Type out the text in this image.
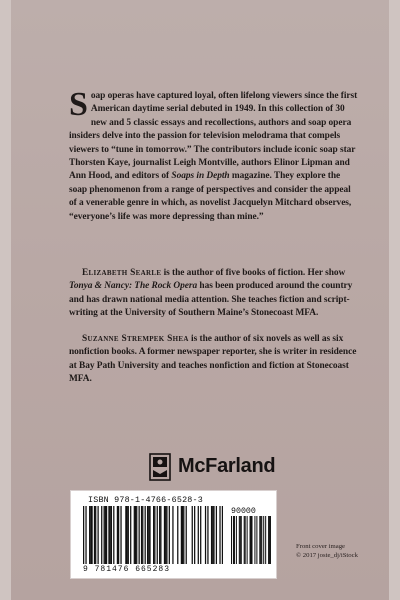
Soap operas have captured loyal, often lifelong viewers since the first American daytime serial debuted in 1949. In this collection of 30 new and 5 classic essays and recollections, authors and soap opera insiders delve into the passion for television melodrama that compels viewers to “tune in tomorrow.” The contributors include iconic soap star Thorsten Kaye, journalist Leigh Montville, authors Elinor Lipman and Ann Hood, and editors of Soaps in Depth magazine. They explore the soap phenomenon from a range of perspectives and consider the appeal of a venerable genre in which, as novelist Jacquelyn Mitchard observes, “everyone’s life was more depressing than mine.”
Elizabeth Searle is the author of five books of fiction. Her show Tonya & Nancy: The Rock Opera has been produced around the country and has drawn national media attention. She teaches fiction and script-writing at the University of Southern Maine’s Stonecoast MFA.
Suzanne Strempek Shea is the author of six novels as well as six nonfiction books. A former newspaper reporter, she is writer in residence at Bay Path University and teaches nonfiction and fiction at Stonecoast MFA.
McFarland
ISBN 978-1-4766-6528-3
90000
9 781476 665283
Front cover image
© 2017 joste_dj/iStock
